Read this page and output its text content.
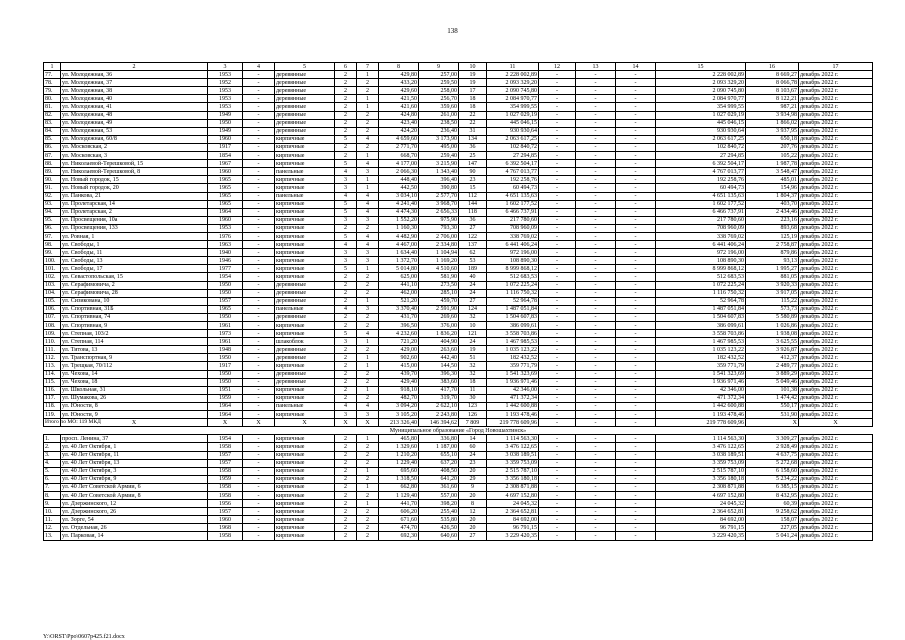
138
1	2	3	4	5	6	7	8	9	10	11	12	13	14	15	16	17
77.	ул. Молодежная, 36	1953	-	деревянные	2	1	429,80	257,00	19	2 228 002,89	-	-	-	2 228 002,89	8 669,27	декабрь 2022 г.
78.	ул. Молодежная, 37	1952	-	деревянные	2	2	433,20	259,50	19	2 093 329,20	-	-	-	2 093 329,20	8 066,78	декабрь 2022 г.
79.	ул. Молодежная, 38	1953	-	деревянные	2	2	429,60	258,00	17	2 090 745,80	-	-	-	2 090 745,80	8 103,67	декабрь 2022 г.
80.	ул. Молодежная, 40	1953	-	деревянные	2	1	421,50	256,70	18	2 084 970,77	-	-	-	2 084 970,77	8 122,21	декабрь 2022 г.
81.	ул. Молодежная, 41	1953	-	деревянные	2	1	421,60	359,60	18	354 999,55	-	-	-	354 999,55	987,21	декабрь 2022 г.
82.	ул. Молодежная, 48	1949	-	деревянные	2	2	424,80	261,00	22	1 027 029,19	-	-	-	1 027 029,19	3 934,98	декабрь 2022 г.
83.	ул. Молодежная, 49	1950	-	деревянные	2	2	423,40	238,50	22	445 046,15	-	-	-	445 046,15	1 866,02	декабрь 2022 г.
84.	ул. Молодежная, 53	1949	-	деревянные	2	2	424,20	236,40	31	930 930,64	-	-	-	930 930,64	3 937,95	декабрь 2022 г.
85.	ул. Молодежная, 60/8	1960	-	кирпичные	5	4	4 659,60	3 173,90	134	2 063 617,25	-	-	-	2 063 617,25	650,18	декабрь 2022 г.
86.	ул. Московская, 2	1917	-	кирпичные	2	2	2 771,70	495,00	36	102 840,72	-	-	-	102 840,72	207,76	декабрь 2022 г.
87.	ул. Московская, 3	1854	-	кирпичные	2	1	668,70	259,40	25	27 294,85	-	-	-	27 294,85	105,22	декабрь 2022 г.
88.	ул. Николаевой-Терешковой, 15	1967	-	кирпичные	5	4	4 177,00	3 215,90	147	6 392 504,17	-	-	-	6 392 504,17	1 987,78	декабрь 2022 г.
89.	ул. Николаевой-Терешковой, 8	1960	-	панельные	4	3	2 066,30	1 343,40	90	4 767 013,77	-	-	-	4 767 013,77	3 548,47	декабрь 2022 г.
90.	ул. Новый городок, 15	1965	-	кирпичные	3	1	448,40	396,40	23	192 258,76	-	-	-	192 258,76	485,01	декабрь 2022 г.
91.	ул. Новый городок, 20	1965	-	кирпичные	3	1	442,50	390,80	15	60 494,73	-	-	-	60 494,73	154,96	декабрь 2022 г.
92.	ул. Панкова, 21	1965	-	панельные	4	4	3 034,10	2 577,70	112	4 651 135,63	-	-	-	4 651 135,63	1 804,37	декабрь 2022 г.
93.	ул. Пролетарская, 14	1965	-	кирпичные	5	4	4 241,40	3 968,70	144	1 602 177,52	-	-	-	1 602 177,52	403,70	декабрь 2022 г.
94.	ул. Пролетарская, 2	1964	-	кирпичные	5	4	4 474,30	2 656,33	118	6 466 737,91	-	-	-	6 466 737,91	2 434,46	декабрь 2022 г.
95.	ул. Просвещения, 10а	1960	-	кирпичные	3	3	1 552,20	975,90	36	217 780,60	-	-	-	217 780,60	223,16	декабрь 2022 г.
96.	ул. Просвещения, 133	1953	-	кирпичные	2	2	1 160,30	793,30	27	708 960,09	-	-	-	708 960,09	893,68	декабрь 2022 г.
97.	ул. Ровная, 1	1976	-	кирпичные	5	4	4 482,90	2 706,00	122	338 769,02	-	-	-	338 769,02	125,19	декабрь 2022 г.
98.	ул. Свободы, 1	1963	-	кирпичные	4	4	4 467,00	2 334,80	137	6 441 406,24	-	-	-	6 441 406,24	2 758,87	декабрь 2022 г.
99.	ул. Свободы, 11	1940	-	кирпичные	3	3	1 634,40	1 104,94	62	972 196,00	-	-	-	972 196,00	879,86	декабрь 2022 г.
100.	ул. Свободы, 13	1946	-	кирпичные	3	3	1 372,70	1 169,20	53	108 890,30	-	-	-	108 890,30	93,13	декабрь 2022 г.
101.	ул. Свободы, 17	1977	-	кирпичные	5	1	5 014,80	4 510,60	189	8 999 868,12	-	-	-	8 999 868,12	1 995,27	декабрь 2022 г.
102.	ул. Севастопольская, 15	1954	-	кирпичные	2	2	625,00	581,90	40	512 683,53	-	-	-	512 683,53	881,05	декабрь 2022 г.
103.	ул. Серафимовича, 2	1950	-	деревянные	2	2	441,10	273,50	24	1 072 225,24	-	-	-	1 072 225,24	3 920,33	декабрь 2022 г.
104.	ул. Серафимовича, 28	1950	-	деревянные	2	2	462,00	285,10	24	1 116 750,32	-	-	-	1 116 750,32	3 917,05	декабрь 2022 г.
105.	ул. Сизикована, 10	1957	-	деревянные	2	1	521,20	459,70	27	52 964,78	-	-	-	52 964,78	115,22	декабрь 2022 г.
106.	ул. Спортивная, 31Б	1965	-	панельные	4	3	3 370,40	2 591,90	124	1 487 051,84	-	-	-	1 487 051,84	573,73	декабрь 2022 г.
107.	ул. Спортивная, 74	1950	-	деревянные	2	2	431,70	269,60	32	1 504 607,83	-	-	-	1 504 607,83	5 580,89	декабрь 2022 г.
108.	ул. Спортивная, 9	1961	-	кирпичные	2	2	396,50	376,00	10	386 099,61	-	-	-	386 099,61	1 026,86	декабрь 2022 г.
109.	ул. Степная, 103/2	1973	-	кирпичные	5	4	4 232,60	1 836,20	121	3 558 703,86	-	-	-	3 558 703,86	1 938,08	декабрь 2022 г.
110.	ул. Степная, 114	1961	-	шлакоблок	3	1	721,20	404,90	24	1 467 985,53	-	-	-	1 467 985,53	3 625,55	декабрь 2022 г.
111.	ул. Титова, 13	1948	-	деревянные	2	2	429,00	263,60	19	1 035 123,22	-	-	-	1 035 123,22	3 926,87	декабрь 2022 г.
112.	ул. Транспортная, 9	1950	-	деревянные	2	1	902,60	442,40	51	182 432,52	-	-	-	182 432,52	412,37	декабрь 2022 г.
113.	ул. Трещкая, 70/112	1917	-	кирпичные	2	1	415,00	144,50	32	359 771,79	-	-	-	359 771,79	2 489,77	декабрь 2022 г.
114.	ул. Чехова, 14	1950	-	деревянные	2	2	439,70	396,30	32	1 541 323,69	-	-	-	1 541 323,69	3 889,29	декабрь 2022 г.
115.	ул. Чехова, 18	1950	-	деревянные	2	2	429,40	383,60	18	1 936 971,46	-	-	-	1 936 971,46	5 049,46	декабрь 2022 г.
116.	ул. Школьная, 31	1951	-	кирпичные	2	1	918,10	417,70	11	42 346,00	-	-	-	42 346,00	101,38	декабрь 2022 г.
117.	ул. Шумакова, 26	1959	-	кирпичные	2	2	482,70	319,70	30	471 372,34	-	-	-	471 372,34	1 474,42	декабрь 2022 г.
118.	ул. Юности, 8	1964	-	панельные	4	4	3 094,20	2 622,10	123	1 442 600,88	-	-	-	1 442 600,88	550,17	декабрь 2022 г.
119.	ул. Юности, 9	1964	-	кирпичные	3	3	3 105,20	2 243,80	126	1 193 478,46	-	-	-	1 193 478,46	531,90	декабрь 2022 г.
Итого по МО: 119 МКД	X	X	X	X	X	X	213 326,40	146 394,62	7 809	219 778 609,96	-	-	-	219 778 609,96	X	X
Муниципальное образование «Город Новошахтинск»																
1.	просп. Ленина, 37	1954	-	кирпичные	2	1	465,80	336,80	14	1 114 563,30	-	-	-	1 114 563,30	3 309,27	декабрь 2022 г.
2.	ул. 40 Лет Октября, 1	1958	-	кирпичные	2	2	1 329,60	1 187,00	60	3 476 122,65	-	-	-	3 476 122,65	2 928,49	декабрь 2022 г.
3.	ул. 40 Лет Октября, 11	1957	-	кирпичные	2	2	1 210,20	655,10	24	3 038 189,51	-	-	-	3 038 189,51	4 637,75	декабрь 2022 г.
4.	ул. 40 Лет Октября, 13	1957	-	кирпичные	2	2	1 229,40	637,20	23	3 359 753,09	-	-	-	3 359 753,09	5 272,68	декабрь 2022 г.
5.	ул. 40 Лет Октября, 3	1958	-	кирпичные	2	1	695,60	408,50	20	2 515 787,10	-	-	-	2 515 787,10	6 158,60	декабрь 2022 г.
6.	ул. 40 Лет Октября, 9	1959	-	кирпичные	2	2	1 318,50	641,20	29	3 356 180,18	-	-	-	3 356 180,18	5 234,22	декабрь 2022 г.
7.	ул. 40 Лет Советской Армии, 6	1958	-	кирпичные	2	1	662,80	361,60	9	2 308 871,88	-	-	-	2 308 871,88	6 385,15	декабрь 2022 г.
8.	ул. 40 Лет Советской Армии, 8	1958	-	кирпичные	2	2	1 129,40	557,00	20	4 697 152,80	-	-	-	4 697 152,80	8 432,95	декабрь 2022 г.
9.	ул. Дзержинского, 12	1956	-	кирпичные	2	1	441,70	398,20	8	24 045,32	-	-	-	24 045,32	60,39	декабрь 2022 г.
10.	ул. Дзержинского, 26	1957	-	кирпичные	2	2	606,20	255,40	12	2 364 652,81	-	-	-	2 364 652,81	9 258,62	декабрь 2022 г.
11.	ул. Зорге, 54	1960	-	кирпичные	2	2	671,60	535,80	20	84 692,00	-	-	-	84 692,00	158,07	декабрь 2022 г.
12.	ул. Отдельная, 26	1968	-	кирпичные	2	2	474,70	426,50	20	96 791,15	-	-	-	96 791,15	227,05	декабрь 2022 г.
13.	ул. Парковая, 14	1958	-	кирпичные	2	2	692,30	640,60	27	3 229 420,35	-	-	-	3 229 420,35	5 041,24	декабрь 2022 г.
Y:\ORST\Ppo\0607p425.f21.docx
